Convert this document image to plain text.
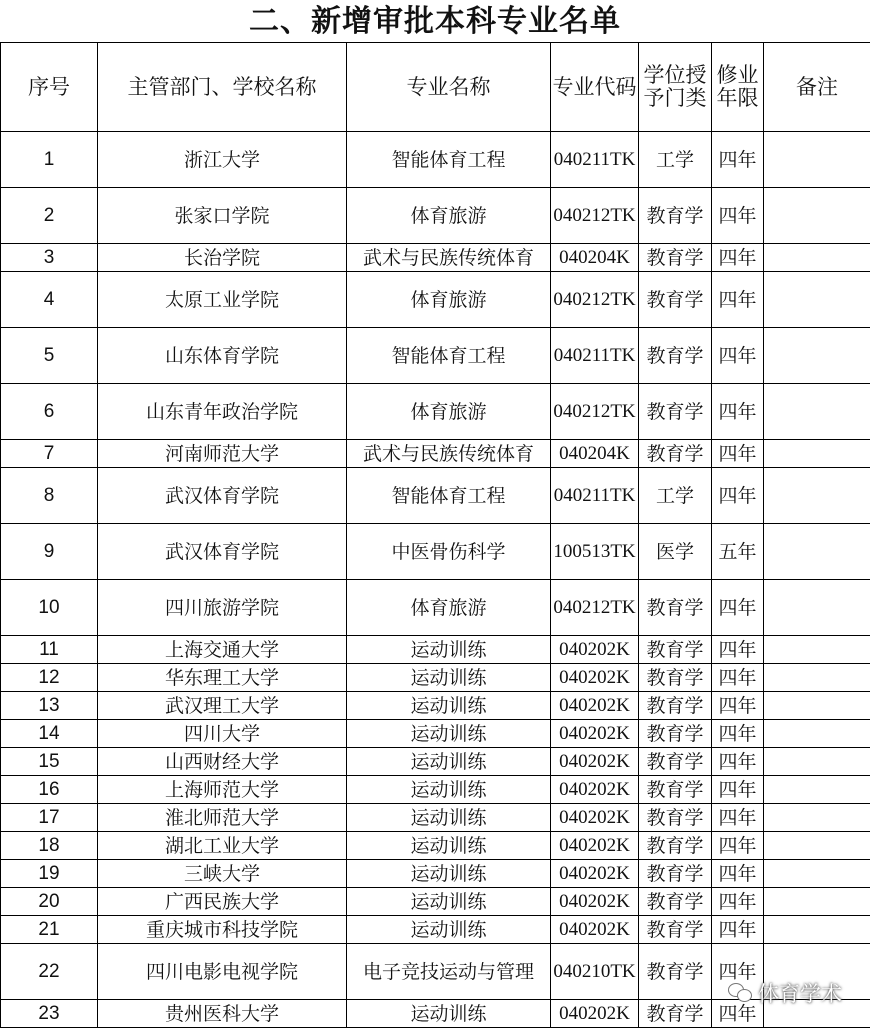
二、新增审批本科专业名单
序号	主管部门、学校名称	专业名称	专业代码	学位授予门类	修业年限	备注
1	浙江大学	智能体育工程	040211TK	工学	四年	
2	张家口学院	体育旅游	040212TK	教育学	四年	
3	长治学院	武术与民族传统体育	040204K	教育学	四年	
4	太原工业学院	体育旅游	040212TK	教育学	四年	
5	山东体育学院	智能体育工程	040211TK	教育学	四年	
6	山东青年政治学院	体育旅游	040212TK	教育学	四年	
7	河南师范大学	武术与民族传统体育	040204K	教育学	四年	
8	武汉体育学院	智能体育工程	040211TK	工学	四年	
9	武汉体育学院	中医骨伤科学	100513TK	医学	五年	
10	四川旅游学院	体育旅游	040212TK	教育学	四年	
11	上海交通大学	运动训练	040202K	教育学	四年	
12	华东理工大学	运动训练	040202K	教育学	四年	
13	武汉理工大学	运动训练	040202K	教育学	四年	
14	四川大学	运动训练	040202K	教育学	四年	
15	山西财经大学	运动训练	040202K	教育学	四年	
16	上海师范大学	运动训练	040202K	教育学	四年	
17	淮北师范大学	运动训练	040202K	教育学	四年	
18	湖北工业大学	运动训练	040202K	教育学	四年	
19	三峡大学	运动训练	040202K	教育学	四年	
20	广西民族大学	运动训练	040202K	教育学	四年	
21	重庆城市科技学院	运动训练	040202K	教育学	四年	
22	四川电影电视学院	电子竞技运动与管理	040210TK	教育学	四年	
23	贵州医科大学	运动训练	040202K	教育学	四年	
体育学术
